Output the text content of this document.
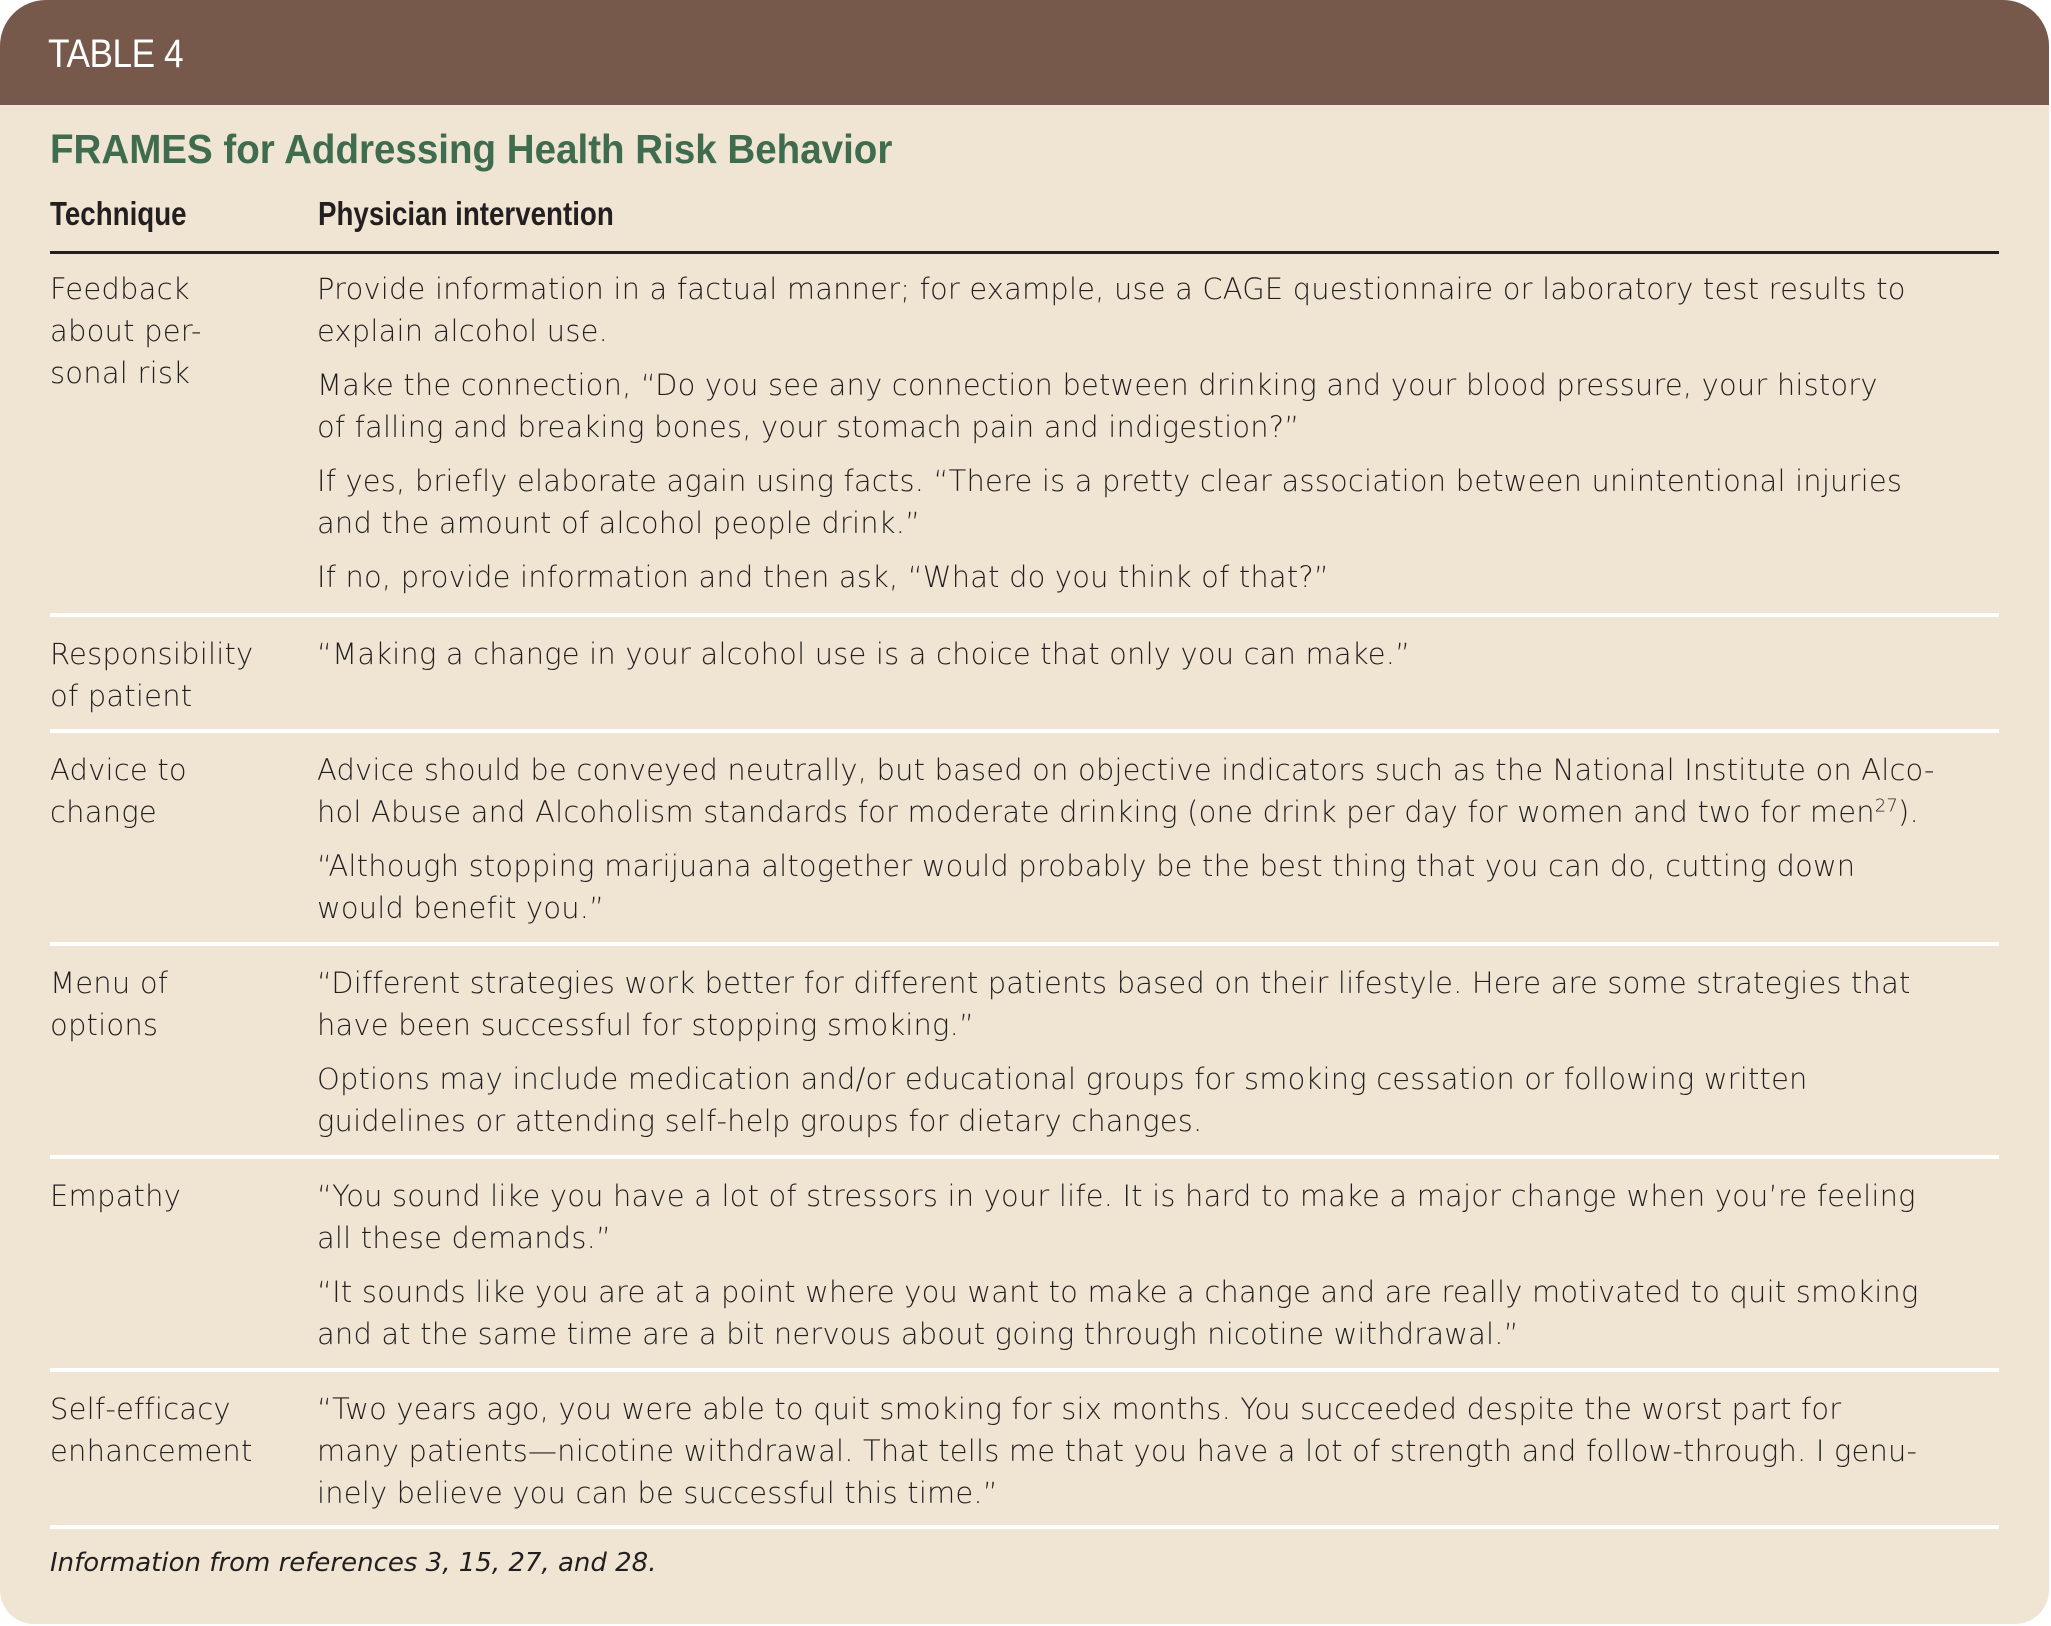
TABLE 4
FRAMES for Addressing Health Risk Behavior
Technique	Physician intervention
Feedback
about per-
sonal risk
Provide information in a factual manner; for example, use a CAGE questionnaire or laboratory test results to
explain alcohol use.
Make the connection, “Do you see any connection between drinking and your blood pressure, your history
of falling and breaking bones, your stomach pain and indigestion?”
If yes, briefly elaborate again using facts. “There is a pretty clear association between unintentional injuries
and the amount of alcohol people drink.”
If no, provide information and then ask, “What do you think of that?”
Responsibility
of patient
“Making a change in your alcohol use is a choice that only you can make.”
Advice to
change
Advice should be conveyed neutrally, but based on objective indicators such as the National Institute on Alco-
hol Abuse and Alcoholism standards for moderate drinking (one drink per day for women and two for men$^{27}$).
“Although stopping marijuana altogether would probably be the best thing that you can do, cutting down
would benefit you.”
Menu of
options
“Different strategies work better for different patients based on their lifestyle. Here are some strategies that
have been successful for stopping smoking.”
Options may include medication and/or educational groups for smoking cessation or following written
guidelines or attending self-help groups for dietary changes.
Empathy	“You sound like you have a lot of stressors in your life. It is hard to make a major change when you’re feeling
all these demands.”
“It sounds like you are at a point where you want to make a change and are really motivated to quit smoking
and at the same time are a bit nervous about going through nicotine withdrawal.”
Self-efficacy
enhancement
“Two years ago, you were able to quit smoking for six months. You succeeded despite the worst part for
many patients—nicotine withdrawal. That tells me that you have a lot of strength and follow-through. I genu-
inely believe you can be successful this time.”
Information from references 3, 15, 27, and 28.
